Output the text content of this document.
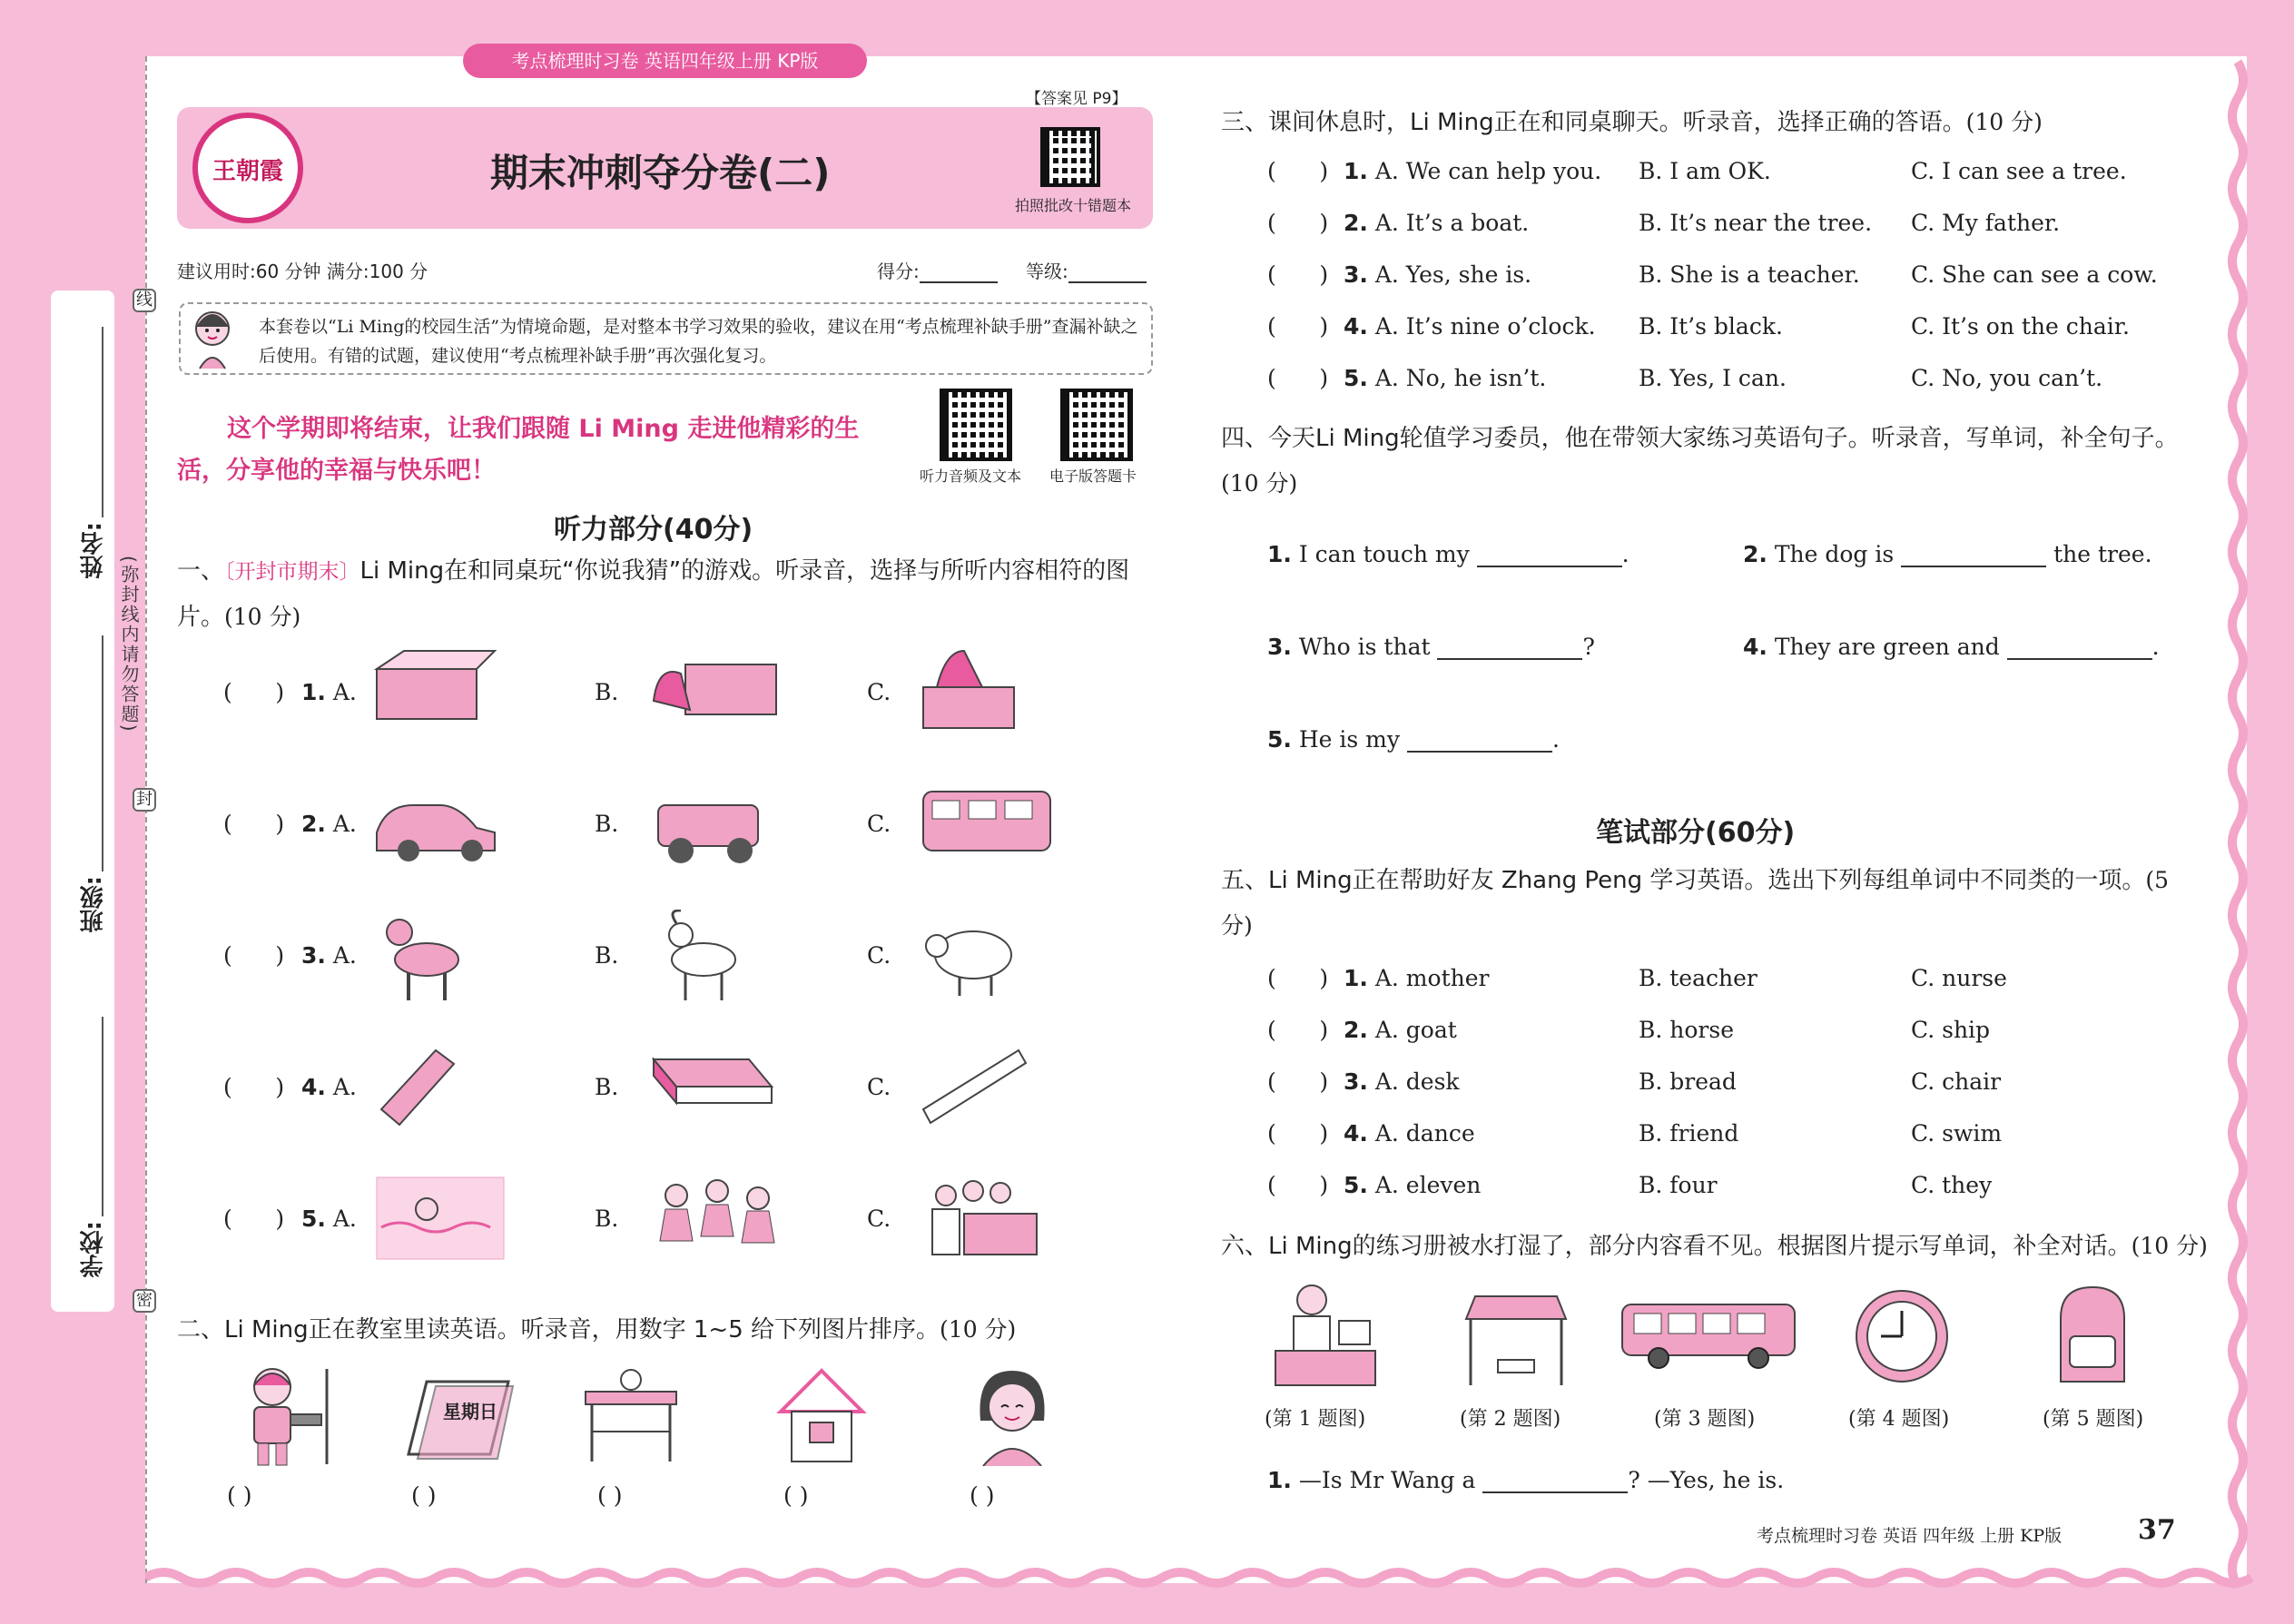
姓名:
班级:
学校:
(弥封线内请勿答题)
线
封
密
考点梳理时习卷 英语四年级上册 KP版
王朝霞	期末冲刺夺分卷(二)
【答案见 P9】
拍照批改十错题本
建议用时:60 分钟 满分:100 分	得分:	等级:
本套卷以“Li Ming的校园生活”为情境命题，是对整本书学习效果的验收，建议在用“考点梳理补缺手册”查漏补缺之后使用。有错的试题，建议使用“考点梳理补缺手册”再次强化复习。
这个学期即将结束，让我们跟随 Li Ming 走进他精彩的生活，分享他的幸福与快乐吧！	听力音频及文本 电子版答题卡
听力部分(40分)
一、〔开封市期末〕Li Ming在和同桌玩“你说我猜”的游戏。听录音，选择与所听内容相符的图片。(10 分)
(      ) 1. A.	B.	C.
(      ) 2. A.	B.	C.
(      ) 3. A.	B.	C.
(      ) 4. A.	B.	C.
(      ) 5. A.	B.	C.
二、Li Ming正在教室里读英语。听录音，用数字 1~5 给下列图片排序。(10 分)
星期日
( )	( )	( )	( )	( )
三、课间休息时，Li Ming正在和同桌聊天。听录音，选择正确的答语。(10 分)
(      ) 1. A. We can help you. B. I am OK.	C. I can see a tree.
(      ) 2. A. It’s a boat.	B. It’s near the tree. C. My father.
(      ) 3. A. Yes, she is.	B. She is a teacher. C. She can see a cow.
(      ) 4. A. It’s nine o’clock. B. It’s black.	C. It’s on the chair.
(      ) 5. A. No, he isn’t.	B. Yes, I can.	C. No, you can’t.
四、今天Li Ming轮值学习委员，他在带领大家练习英语句子。听录音，写单词，补全句子。(10 分)
1. I can touch my	.	2. The dog is	the tree.
3. Who is that	?	4. They are green and	.
5. He is my	.
笔试部分(60分)
五、Li Ming正在帮助好友 Zhang Peng 学习英语。选出下列每组单词中不同类的一项。(5 分)
(      ) 1. A. mother	B. teacher	C. nurse
(      ) 2. A. goat	B. horse	C. ship
(      ) 3. A. desk	B. bread	C. chair
(      ) 4. A. dance	B. friend	C. swim
(      ) 5. A. eleven	B. four	C. they
六、Li Ming的练习册被水打湿了，部分内容看不见。根据图片提示写单词，补全对话。(10 分)
(第 1 题图)	(第 2 题图)	(第 3 题图)	(第 4 题图)	(第 5 题图)
1. —Is Mr Wang a	? —Yes, he is.
考点梳理时习卷 英语 四年级 上册 KP版	37
